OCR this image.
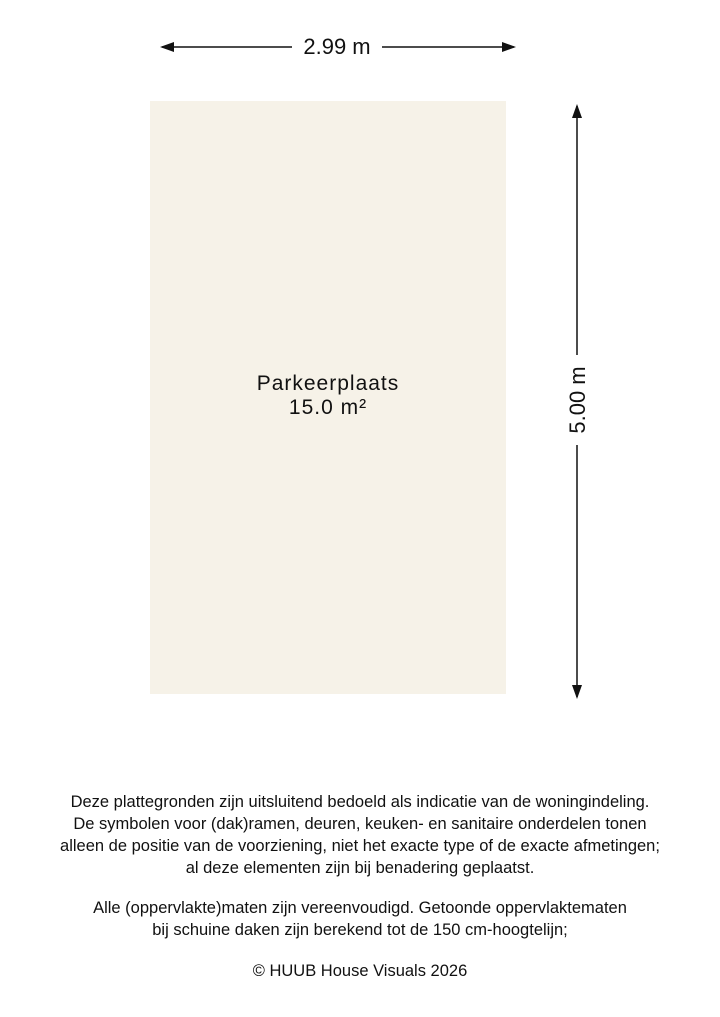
2.99 m
5.00 m
Parkeerplaats
15.0 m²
Deze plattegronden zijn uitsluitend bedoeld als indicatie van de woningindeling.
De symbolen voor (dak)ramen, deuren, keuken- en sanitaire onderdelen tonen
alleen de positie van de voorziening, niet het exacte type of de exacte afmetingen;
al deze elementen zijn bij benadering geplaatst.
Alle (oppervlakte)maten zijn vereenvoudigd. Getoonde oppervlaktematen
bij schuine daken zijn berekend tot de 150 cm-hoogtelijn;
© HUUB House Visuals 2026
